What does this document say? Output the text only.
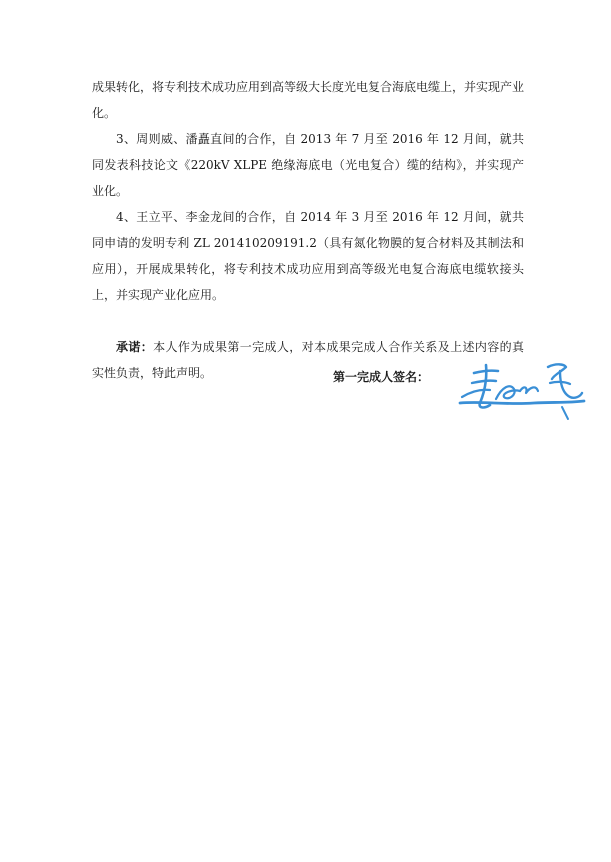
成果转化，将专利技术成功应用到高等级大长度光电复合海底电缆上，并实现产业化。

3、周则威、潘矗直间的合作，自 2013 年 7 月至 2016 年 12 月间，就共同发表科技论文《220kV XLPE 绝缘海底电（光电复合）缆的结构》，并实现产业化。

4、王立平、李金龙间的合作，自 2014 年 3 月至 2016 年 12 月间，就共同申请的发明专利 ZL 201410209191.2（具有氮化物膜的复合材料及其制法和应用），开展成果转化，将专利技术成功应用到高等级光电复合海底电缆软接头上，并实现产业化应用。

承诺：本人作为成果第一完成人，对本成果完成人合作关系及上述内容的真实性负责，特此声明。	第一完成人签名：
